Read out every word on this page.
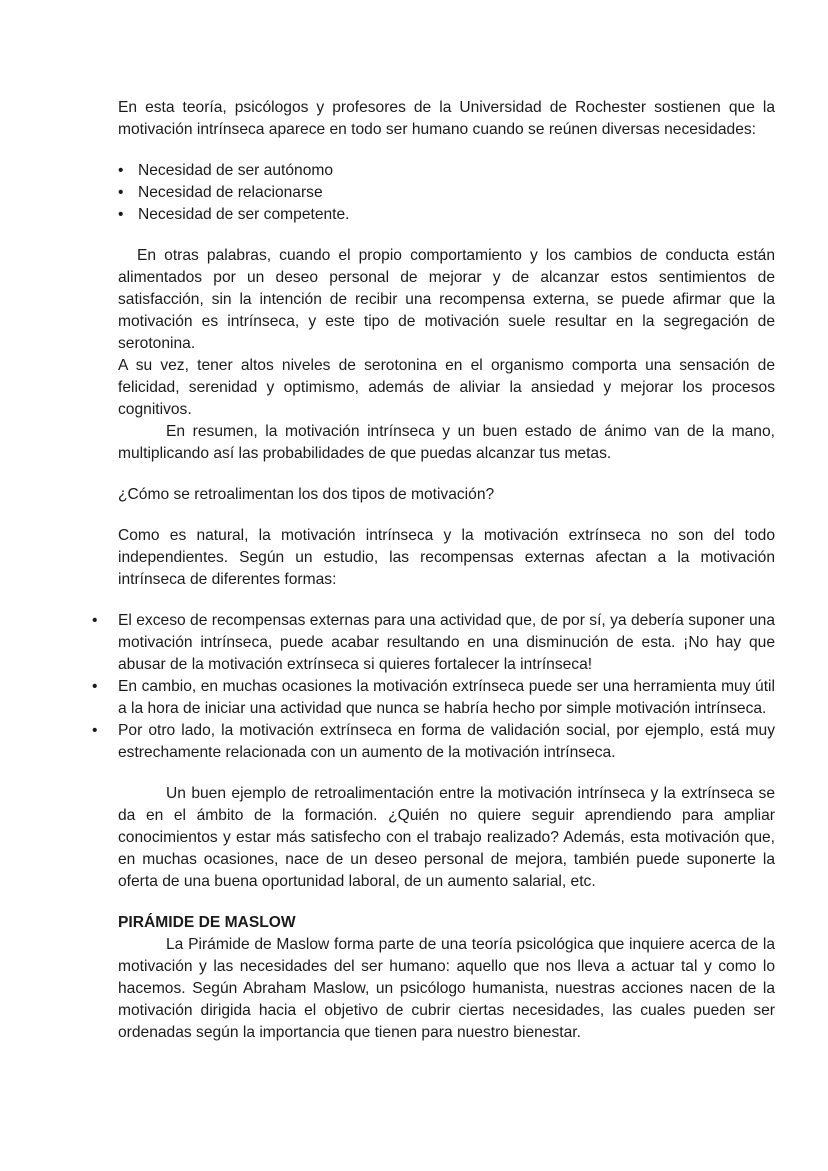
En esta teoría, psicólogos y profesores de la Universidad de Rochester sostienen que la motivación intrínseca aparece en todo ser humano cuando se reúnen diversas necesidades:

• Necesidad de ser autónomo
• Necesidad de relacionarse
• Necesidad de ser competente.

En otras palabras, cuando el propio comportamiento y los cambios de conducta están alimentados por un deseo personal de mejorar y de alcanzar estos sentimientos de satisfacción, sin la intención de recibir una recompensa externa, se puede afirmar que la motivación es intrínseca, y este tipo de motivación suele resultar en la segregación de serotonina.

A su vez, tener altos niveles de serotonina en el organismo comporta una sensación de felicidad, serenidad y optimismo, además de aliviar la ansiedad y mejorar los procesos cognitivos.

En resumen, la motivación intrínseca y un buen estado de ánimo van de la mano, multiplicando así las probabilidades de que puedas alcanzar tus metas.

¿Cómo se retroalimentan los dos tipos de motivación?

Como es natural, la motivación intrínseca y la motivación extrínseca no son del todo independientes. Según un estudio, las recompensas externas afectan a la motivación intrínseca de diferentes formas:

• El exceso de recompensas externas para una actividad que, de por sí, ya debería suponer una motivación intrínseca, puede acabar resultando en una disminución de esta. ¡No hay que abusar de la motivación extrínseca si quieres fortalecer la intrínseca!
• En cambio, en muchas ocasiones la motivación extrínseca puede ser una herramienta muy útil a la hora de iniciar una actividad que nunca se habría hecho por simple motivación intrínseca.
• Por otro lado, la motivación extrínseca en forma de validación social, por ejemplo, está muy estrechamente relacionada con un aumento de la motivación intrínseca.

Un buen ejemplo de retroalimentación entre la motivación intrínseca y la extrínseca se da en el ámbito de la formación. ¿Quién no quiere seguir aprendiendo para ampliar conocimientos y estar más satisfecho con el trabajo realizado? Además, esta motivación que, en muchas ocasiones, nace de un deseo personal de mejora, también puede suponerte la oferta de una buena oportunidad laboral, de un aumento salarial, etc.

PIRÁMIDE DE MASLOW

La Pirámide de Maslow forma parte de una teoría psicológica que inquiere acerca de la motivación y las necesidades del ser humano: aquello que nos lleva a actuar tal y como lo hacemos. Según Abraham Maslow, un psicólogo humanista, nuestras acciones nacen de la motivación dirigida hacia el objetivo de cubrir ciertas necesidades, las cuales pueden ser ordenadas según la importancia que tienen para nuestro bienestar.
